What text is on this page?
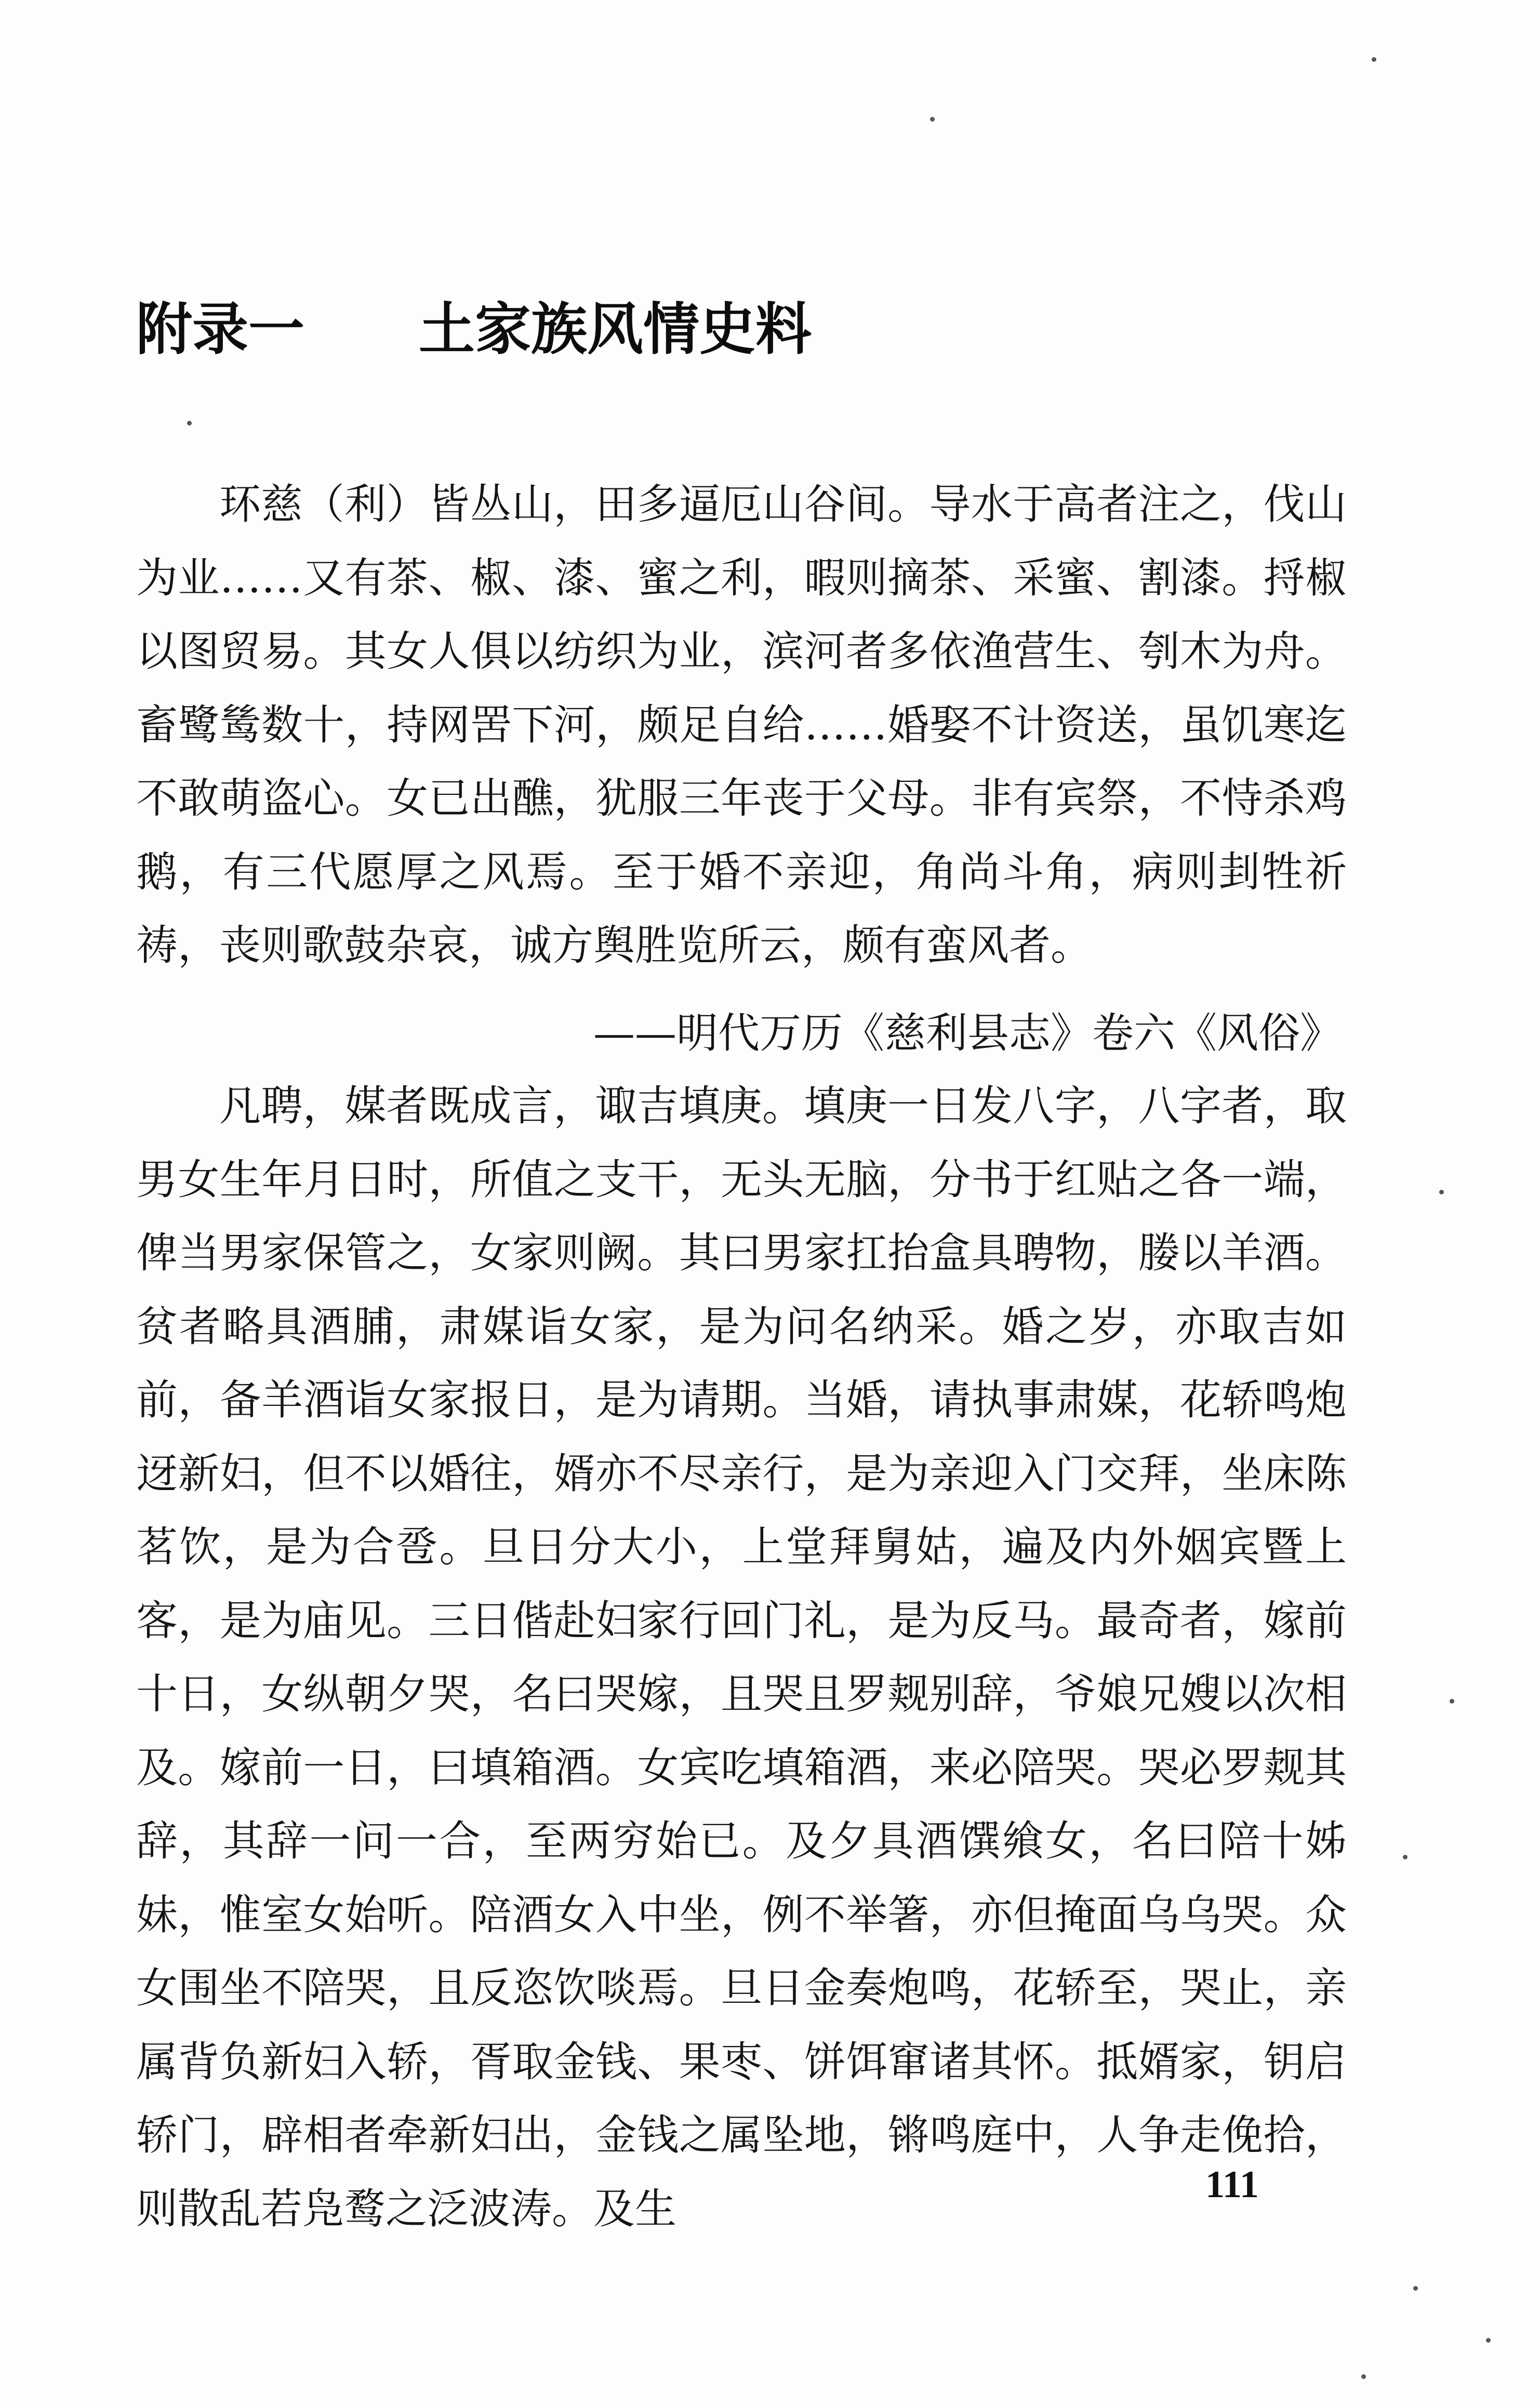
附录一 土家族风情史料

环慈（利）皆丛山，田多逼厄山谷间。导水于高者注之，伐山为业……又有茶、椒、漆、蜜之利，暇则摘茶、采蜜、割漆。捋椒以图贸易。其女人俱以纺织为业，滨河者多依渔营生、刳木为舟。畜鹭鸶数十，持网罟下河，颇足自给……婚娶不计资送，虽饥寒迄不敢萌盗心。女已出醮，犹服三年丧于父母。非有宾祭，不恃杀鸡鹅，有三代愿厚之风焉。至于婚不亲迎，角尚斗角，病则刲牲祈祷，丧则歌鼓杂哀，诚方舆胜览所云，颇有蛮风者。

——明代万历《慈利县志》卷六《风俗》

凡聘，媒者既成言，诹吉填庚。填庚一日发八字，八字者，取男女生年月日时，所值之支干，无头无脑，分书于红贴之各一端，俾当男家保管之，女家则阙。其曰男家扛抬盒具聘物，媵以羊酒。贫者略具酒脯，肃媒诣女家，是为问名纳采。婚之岁，亦取吉如前，备羊酒诣女家报日，是为请期。当婚，请执事肃媒，花轿鸣炮迓新妇，但不以婚往，婿亦不尽亲行，是为亲迎入门交拜，坐床陈茗饮，是为合卺。旦日分大小，上堂拜舅姑，遍及内外姻宾暨上客，是为庙见。三日偕赴妇家行回门礼，是为反马。最奇者，嫁前十日，女纵朝夕哭，名曰哭嫁，且哭且罗觌别辞，爷娘兄嫂以次相及。嫁前一日，曰填箱酒。女宾吃填箱酒，来必陪哭。哭必罗觌其辞，其辞一问一合，至两穷始已。及夕具酒馔飨女，名曰陪十姊妹，惟室女始听。陪酒女入中坐，例不举箸，亦但掩面乌乌哭。众女围坐不陪哭，且反恣饮啖焉。旦日金奏炮鸣，花轿至，哭止，亲属背负新妇入轿，胥取金钱、果枣、饼饵窜诸其怀。抵婿家，钥启轿门，辟相者牵新妇出，金钱之属坠地，锵鸣庭中，人争走俛拾，则散乱若凫鹜之泛波涛。及生	111
